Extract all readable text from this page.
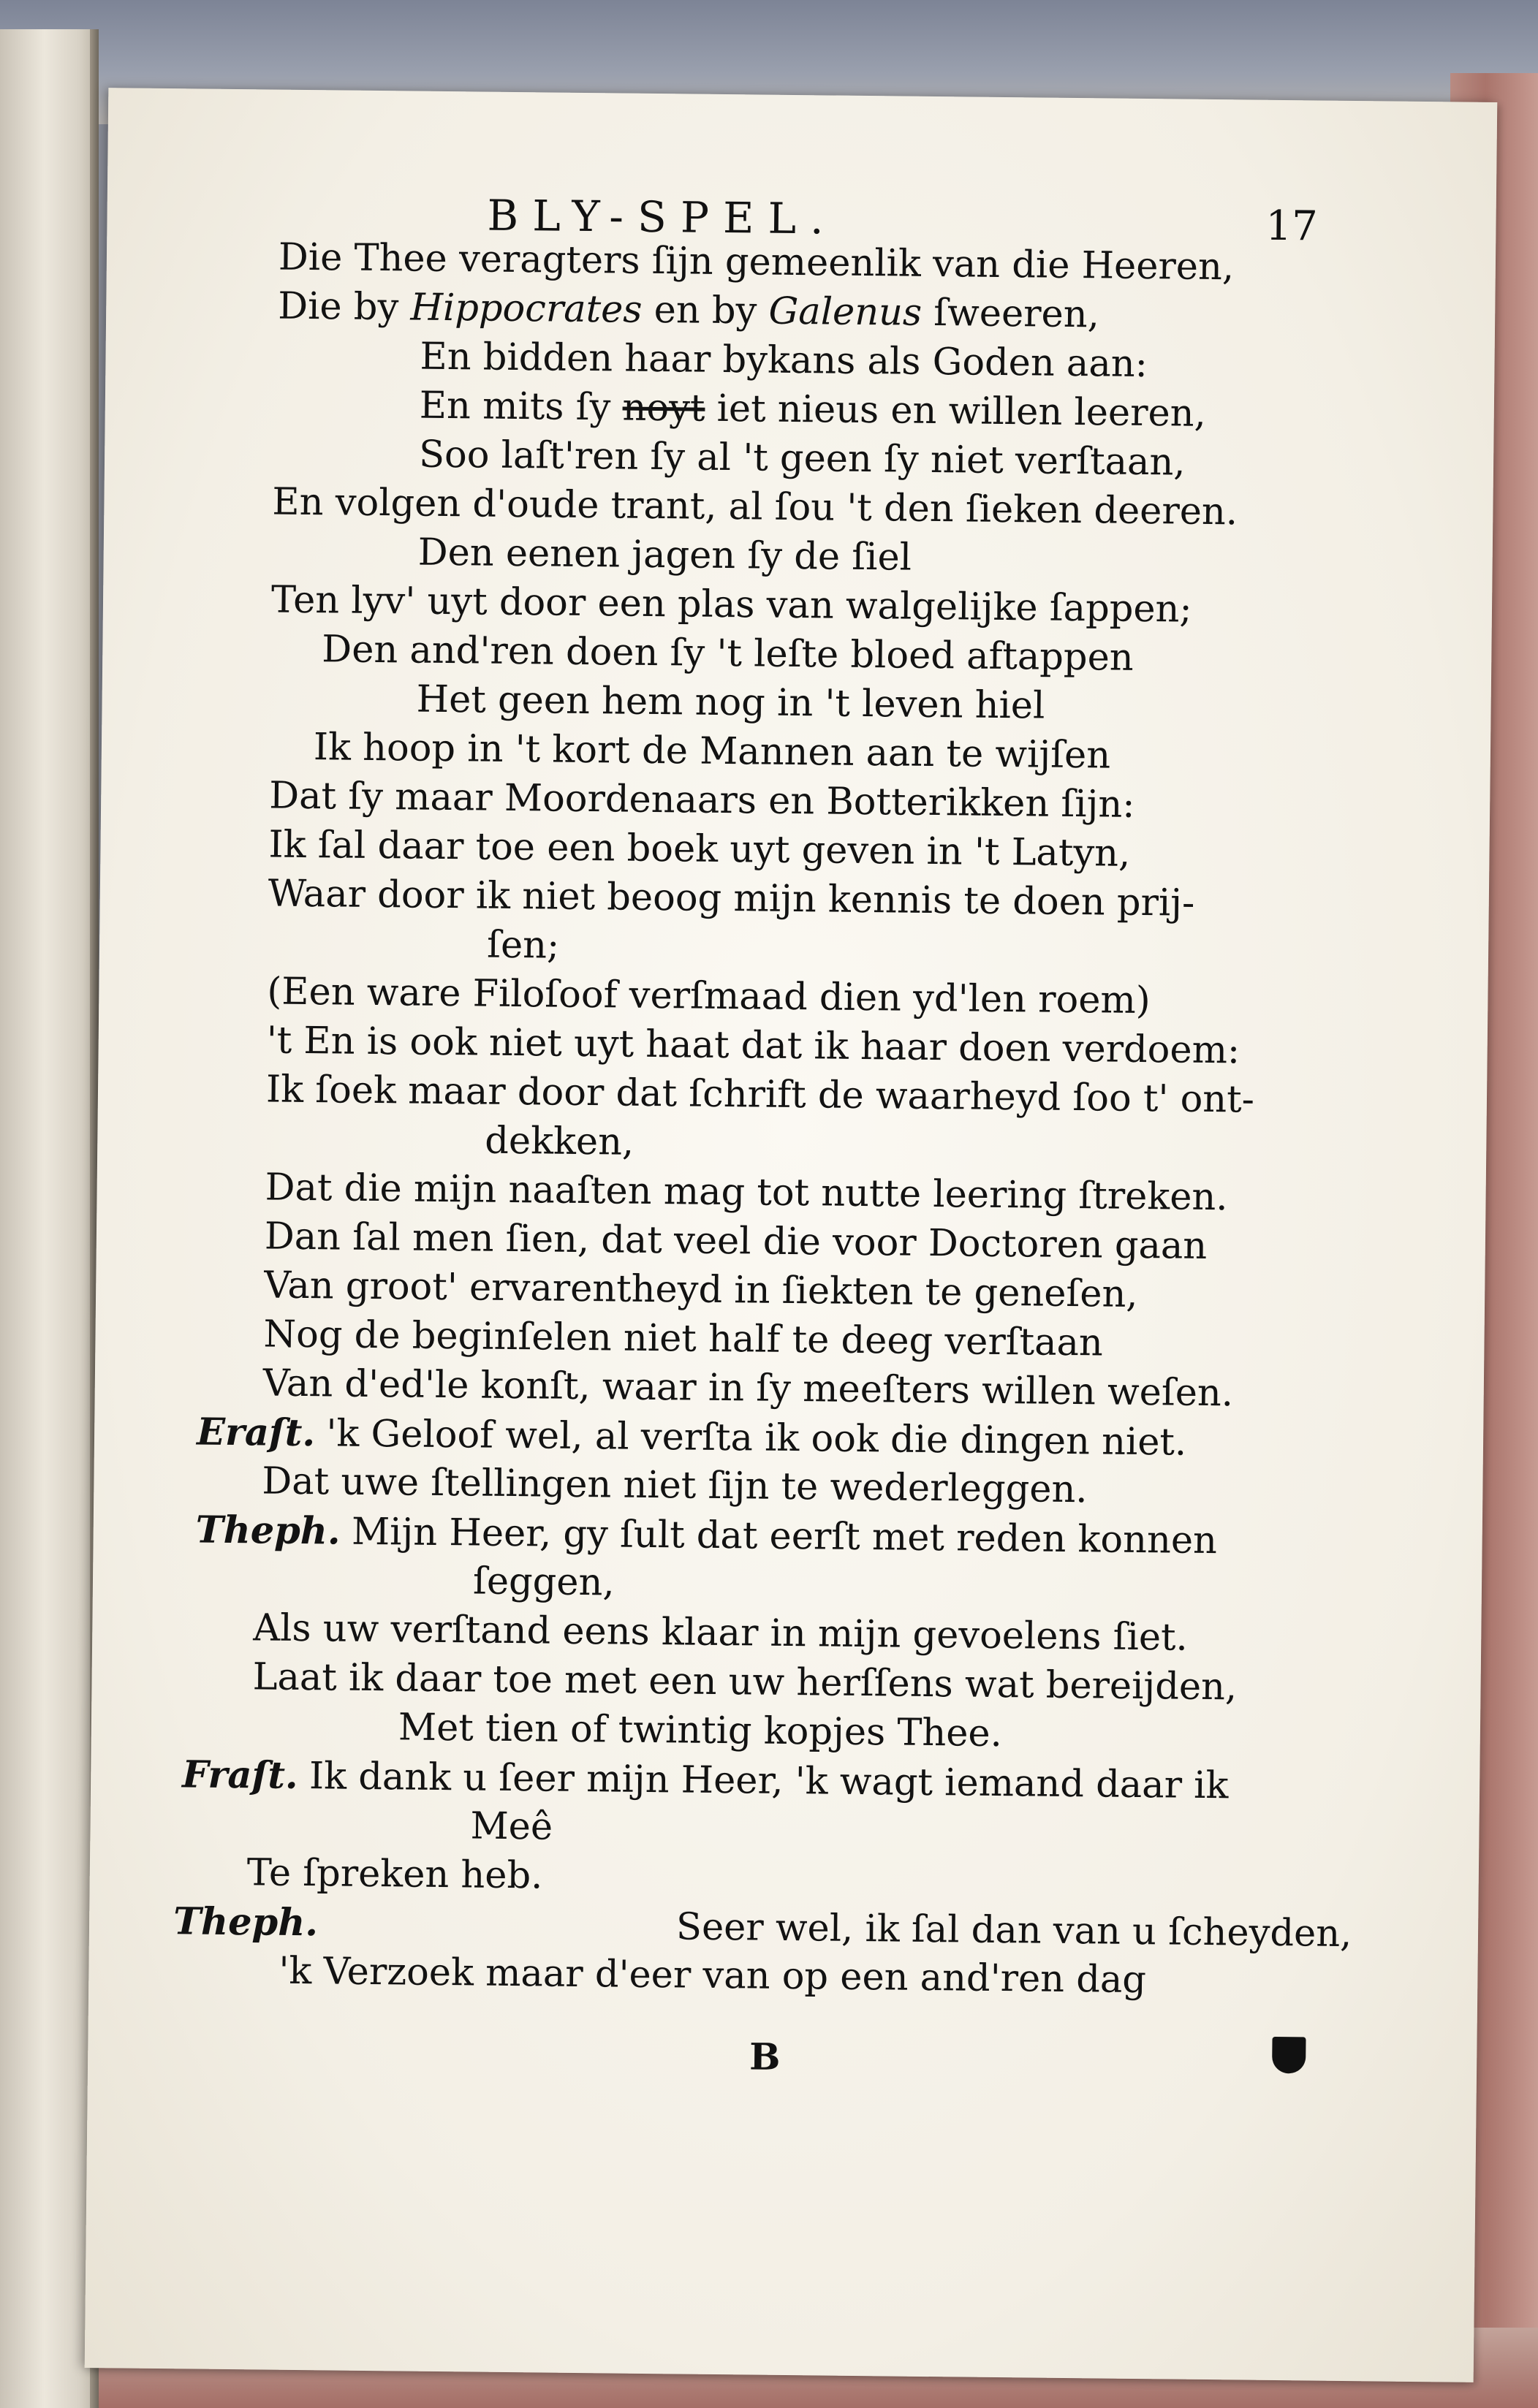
BLY-SPEL.	17
Die Thee veragters ſijn gemeenlik van die Heeren,
Die by Hippocrates en by Galenus ſweeren,
En bidden haar bykans als Goden aan:
En mits ſy noyt iet nieus en willen leeren,
Soo laſt'ren ſy al 't geen ſy niet verſtaan,
En volgen d'oude trant, al ſou 't den ſieken deeren.
Den eenen jagen ſy de ſiel
Ten lyv' uyt door een plas van walgelijke ſappen;
Den and'ren doen ſy 't leſte bloed aftappen
Het geen hem nog in 't leven hiel
Ik hoop in 't kort de Mannen aan te wijſen
Dat ſy maar Moordenaars en Botterikken ſijn:
Ik ſal daar toe een boek uyt geven in 't Latyn,
Waar door ik niet beoog mijn kennis te doen prij-
ſen;
(Een ware Filoſoof verſmaad dien yd'len roem)
't En is ook niet uyt haat dat ik haar doen verdoem:
Ik ſoek maar door dat ſchrift de waarheyd ſoo t' ont-
dekken,
Dat die mijn naaſten mag tot nutte leering ſtreken.
Dan ſal men ſien, dat veel die voor Doctoren gaan
Van groot' ervarentheyd in ſiekten te geneſen,
Nog de beginſelen niet half te deeg verſtaan
Van d'ed'le konſt, waar in ſy meeſters willen weſen.
Eraſt. 'k Geloof wel, al verſta ik ook die dingen niet.
Dat uwe ſtellingen niet ſijn te wederleggen.
Theph. Mijn Heer, gy ſult dat eerſt met reden konnen
ſeggen,
Als uw verſtand eens klaar in mijn gevoelens ſiet.
Laat ik daar toe met een uw herſſens wat bereijden,
Met tien of twintig kopjes Thee.
Fraſt. Ik dank u ſeer mijn Heer, 'k wagt iemand daar ik
Meê
Te ſpreken heb.
Theph.	Seer wel, ik ſal dan van u ſcheyden,
'k Verzoek maar d'eer van op een and'ren dag
B
